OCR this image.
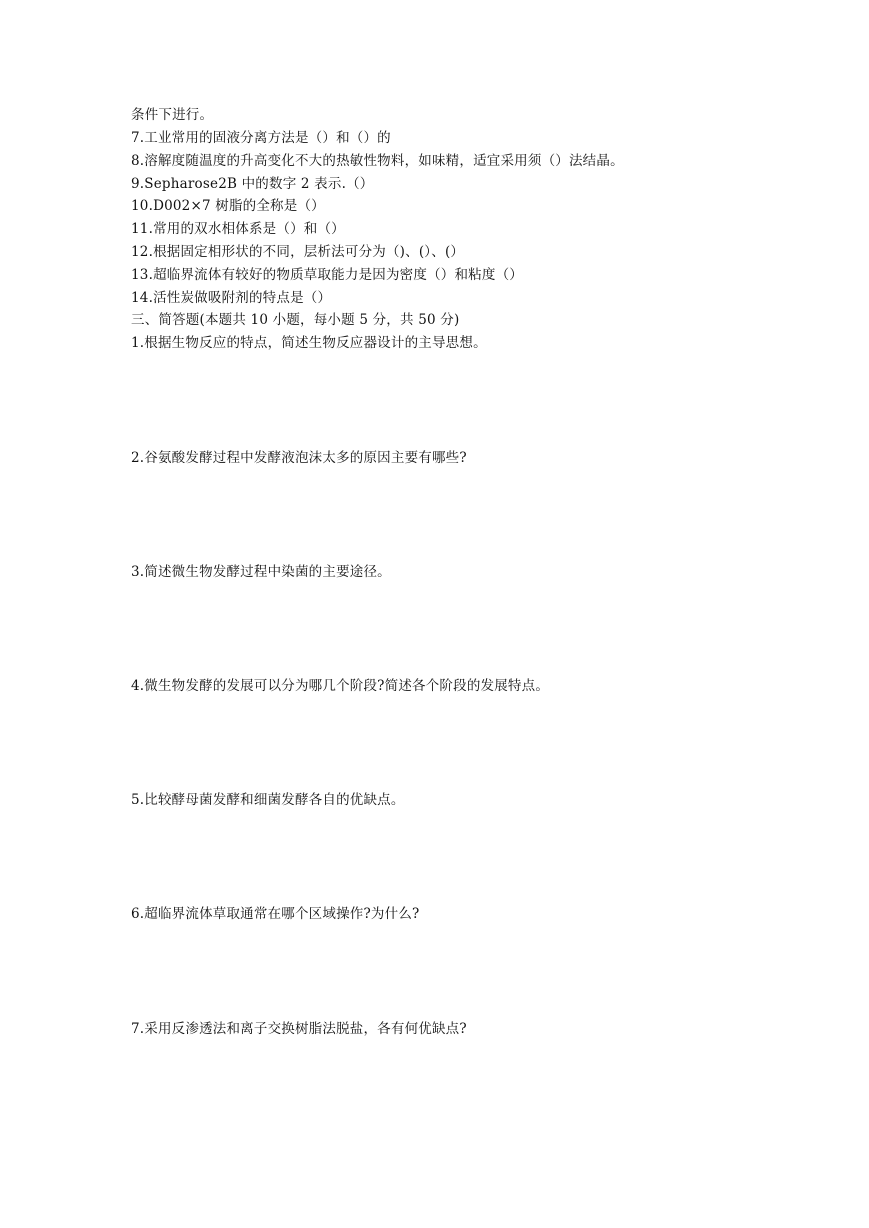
条件下进行。
7.工业常用的固液分离方法是（）和（）的
8.溶解度随温度的升高变化不大的热敏性物料，如味精，适宜采用须（）法结晶。
9.Sepharose2B 中的数字 2 表示.（）
10.D002×7 树脂的全称是（）
11.常用的双水相体系是（）和（）
12.根据固定相形状的不同，层析法可分为（)、(）、(）
13.超临界流体有较好的物质草取能力是因为密度（）和粘度（）
14.活性炭做吸附剂的特点是（）
三、简答题(本题共 10 小题，每小题 5 分，共 50 分)
1.根据生物反应的特点，简述生物反应器设计的主导思想。
2.谷氨酸发酵过程中发酵液泡沫太多的原因主要有哪些?
3.简述微生物发酵过程中染菌的主要途径。
4.微生物发酵的发展可以分为哪几个阶段?简述各个阶段的发展特点。
5.比较酵母菌发酵和细菌发酵各自的优缺点。
6.超临界流体草取通常在哪个区域操作?为什么?
7.采用反渗透法和离子交换树脂法脱盐，各有何优缺点?
